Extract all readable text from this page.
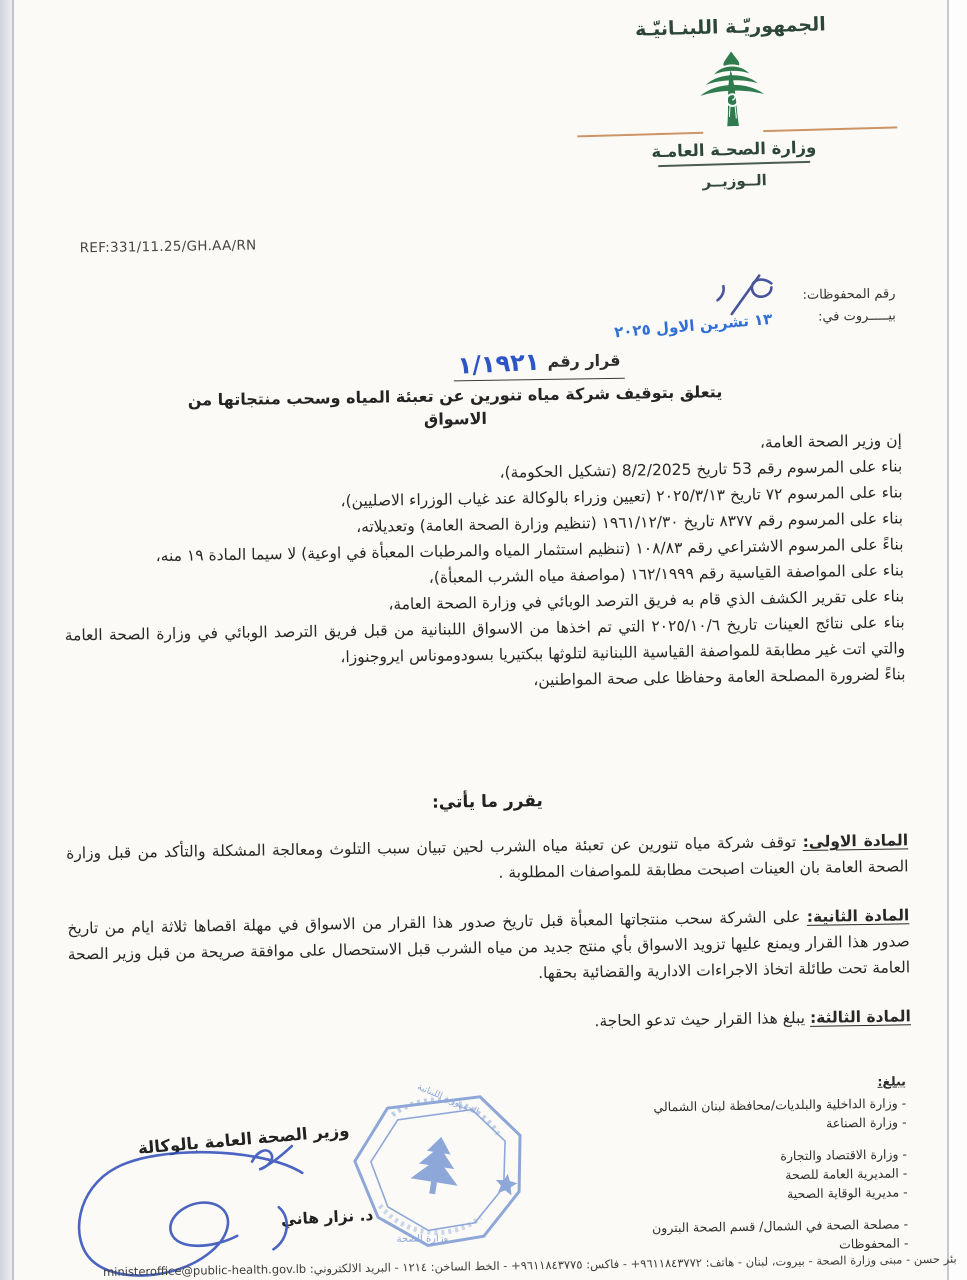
الجمهوريّـة اللبنـانيّـة
وزارة الصحـة العامـة
الــوزيــر
REF:331/11.25/GH.AA/RN
رقم المحفوظات:
بيـــــروت في:
١٣ تشرين الاول ٢٠٢٥
قرار رقم ١/١٩٢١
يتعلق بتوقيف شركة مياه تنورين عن تعبئة المياه وسحب منتجاتها من الاسواق

إن وزير الصحة العامة،

بناء على المرسوم رقم 53 تاريخ 8/2/2025 (تشكيل الحكومة)،

بناء على المرسوم ٧٢ تاريخ ٢٠٢٥/٣/١٣ (تعيين وزراء بالوكالة عند غياب الوزراء الاصليين)،

بناء على المرسوم رقم ٨٣٧٧ تاريخ ١٩٦١/١٢/٣٠ (تنظيم وزارة الصحة العامة) وتعديلاته،

بناءً على المرسوم الاشتراعي رقم ١٠٨/٨٣ (تنظيم استثمار المياه والمرطبات المعبأة في اوعية) لا سيما المادة ١٩ منه،

بناء على المواصفة القياسية رقم ١٦٢/١٩٩٩ (مواصفة مياه الشرب المعبأة)،

بناء على تقرير الكشف الذي قام به فريق الترصد الوبائي في وزارة الصحة العامة،

بناء على نتائج العينات تاريخ ٢٠٢٥/١٠/٦ التي تم اخذها من الاسواق اللبنانية من قبل فريق الترصد الوبائي في وزارة الصحة العامة والتي اتت غير مطابقة للمواصفة القياسية اللبنانية لتلوثها ببكتيريا بسودوموناس ايروجنوزا،

بناءً لضرورة المصلحة العامة وحفاظا على صحة المواطنين،

يقرر ما يأتي:

المادة الاولى: توقف شركة مياه تنورين عن تعبئة مياه الشرب لحين تبيان سبب التلوث ومعالجة المشكلة والتأكد من قبل وزارة الصحة العامة بان العينات اصبحت مطابقة للمواصفات المطلوبة .

المادة الثانية: على الشركة سحب منتجاتها المعبأة قبل تاريخ صدور هذا القرار من الاسواق في مهلة اقصاها ثلاثة ايام من تاريخ صدور هذا القرار ويمنع عليها تزويد الاسواق بأي منتج جديد من مياه الشرب قبل الاستحصال على موافقة صريحة من قبل وزير الصحة العامة تحت طائلة اتخاذ الاجراءات الادارية والقضائية بحقها.

المادة الثالثة: يبلغ هذا القرار حيث تدعو الحاجة.

يبلغ:

- وزارة الداخلية والبلديات/محافظة لبنان الشمالي

- وزارة الصناعة

- وزارة الاقتصاد والتجارة

- المديرية العامة للصحة

- مديرية الوقاية الصحية

- مصلحة الصحة في الشمال/ قسم الصحة البترون

- المحفوظات

وزير الصحة العامة بالوكالة
د. نزار هاني
الجمهورية اللبنانية
وزارة الصحة
بئر حسن - مبنى وزارة الصحة - بيروت، لبنان - هاتف: ٩٦١١٨٤٣٧٧٢+ - فاكس: ٩٦١١٨٤٣٧٧٥+ - الخط الساخن: ١٢١٤ - البريد الالكتروني: ministeroffice@public-health.gov.lb
